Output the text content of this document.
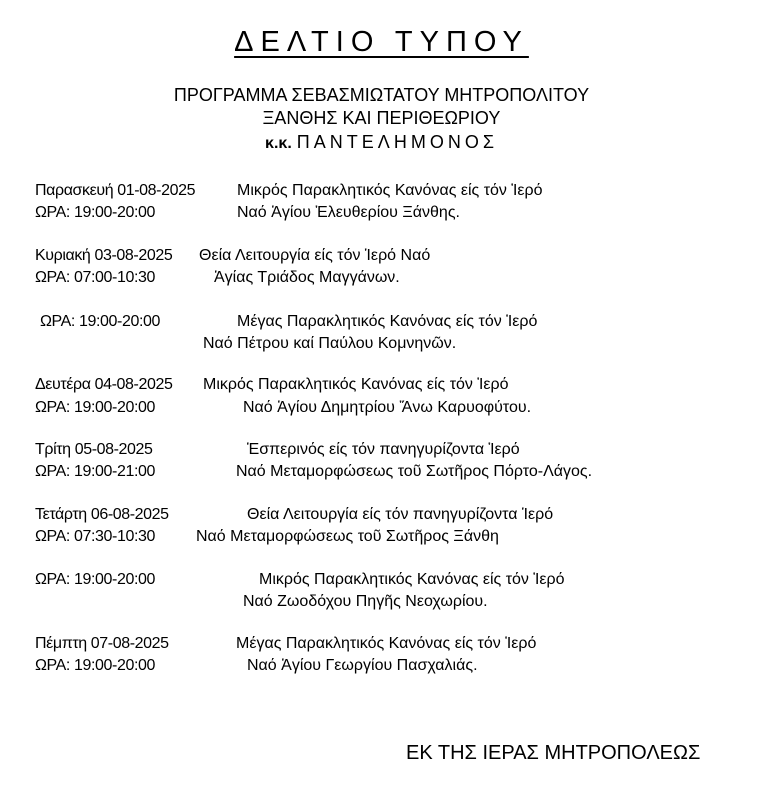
ΔΕΛΤΙΟ ΤΥΠΟΥ
ΠΡΟΓΡΑΜΜΑ ΣΕΒΑΣΜΙΩΤΑΤΟΥ ΜΗΤΡΟΠΟΛΙΤΟΥ
ΞΑΝΘΗΣ ΚΑΙ ΠΕΡΙΘΕΩΡΙΟΥ
κ.κ. ΠΑΝΤΕΛΗΜΟΝΟΣ
Παρασκευή 01-08-2025
ΩΡΑ: 19:00-20:00
Μικρός Παρακλητικός Κανόνας είς τόν Ἱερό
Ναό Ἁγίου Ἐλευθερίου Ξάνθης.
Κυριακή 03-08-2025
ΩΡΑ: 07:00-10:30
Θεία Λειτουργία είς τόν Ἱερό Ναό
Ἁγίας Τριάδος Μαγγάνων.
ΩΡΑ: 19:00-20:00	Μέγας Παρακλητικός Κανόνας είς τόν Ἱερό
Ναό Πέτρου καί Παύλου Κομνηνῶν.
Δευτέρα 04-08-2025
ΩΡΑ: 19:00-20:00
Μικρός Παρακλητικός Κανόνας είς τόν Ἱερό
Ναό Ἁγίου Δημητρίου Ἄνω Καρυοφύτου.
Τρίτη 05-08-2025
ΩΡΑ: 19:00-21:00
Ἑσπερινός είς τόν πανηγυρίζοντα Ἱερό
Ναό Μεταμορφώσεως τοῦ Σωτῆρος Πόρτο-Λάγος.
Τετάρτη 06-08-2025
ΩΡΑ: 07:30-10:30
Θεία Λειτουργία είς τόν πανηγυρίζοντα Ἱερό
Ναό Μεταμορφώσεως τοῦ Σωτῆρος Ξάνθη
ΩΡΑ: 19:00-20:00	Μικρός Παρακλητικός Κανόνας είς τόν Ἱερό
Ναό Ζωοδόχου Πηγῆς Νεοχωρίου.
Πέμπτη 07-08-2025
ΩΡΑ: 19:00-20:00
Μέγας Παρακλητικός Κανόνας είς τόν Ἱερό
Ναό Ἁγίου Γεωργίου Πασχαλιάς.
ΕΚ ΤΗΣ ΙΕΡΑΣ ΜΗΤΡΟΠΟΛΕΩΣ
